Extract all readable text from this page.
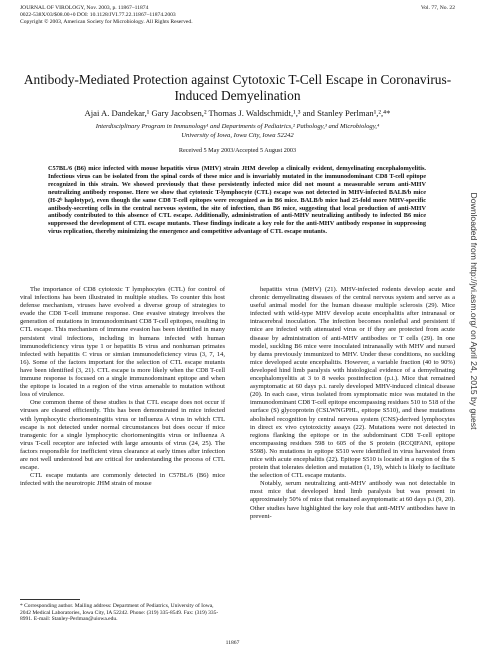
JOURNAL OF VIROLOGY, Nov. 2003, p. 11867–11874	Vol. 77, No. 22
0022-538X/03/$08.00+0 DOI: 10.1128/JVI.77.22.11867–11874.2003
Copyright © 2003, American Society for Microbiology. All Rights Reserved.
Antibody-Mediated Protection against Cytotoxic T-Cell Escape in Coronavirus-Induced Demyelination
Ajai A. Dandekar,¹ Gary Jacobsen,² Thomas J. Waldschmidt,¹,³ and Stanley Perlman¹,²,⁴*
Interdisciplinary Program in Immunology¹ and Departments of Pediatrics,² Pathology,³ and Microbiology,⁴
University of Iowa, Iowa City, Iowa 52242
Received 5 May 2003/Accepted 5 August 2003
C57BL/6 (B6) mice infected with mouse hepatitis virus (MHV) strain JHM develop a clinically evident, demyelinating encephalomyelitis. Infectious virus can be isolated from the spinal cords of these mice and is invariably mutated in the immunodominant CD8 T-cell epitope recognized in this strain. We showed previously that these persistently infected mice did not mount a measurable serum anti-MHV neutralizing antibody response. Here we show that cytotoxic T-lymphocyte (CTL) escape was not detected in MHV-infected BALB/b mice (H-2ᵇ haplotype), even though the same CD8 T-cell epitopes were recognized as in B6 mice. BALB/b mice had 25-fold more MHV-specific antibody-secreting cells in the central nervous system, the site of infection, than B6 mice, suggesting that local production of anti-MHV antibody contributed to this absence of CTL escape. Additionally, administration of anti-MHV neutralizing antibody to infected B6 mice suppressed the development of CTL escape mutants. These findings indicate a key role for the anti-MHV antibody response in suppressing virus replication, thereby minimizing the emergence and competitive advantage of CTL escape mutants.

The importance of CD8 cytotoxic T lymphocytes (CTL) for control of viral infections has been illustrated in multiple studies. To counter this host defense mechanism, viruses have evolved a diverse group of strategies to evade the CD8 T-cell immune response. One evasive strategy involves the generation of mutations in immunodominant CD8 T-cell epitopes, resulting in CTL escape. This mechanism of immune evasion has been identified in many persistent viral infections, including in humans infected with human immunodeficiency virus type 1 or hepatitis B virus and nonhuman primates infected with hepatitis C virus or simian immunodeficiency virus (3, 7, 14, 16). Some of the factors important for the selection of CTL escape mutants have been identified (3, 21). CTL escape is more likely when the CD8 T-cell immune response is focused on a single immunodominant epitope and when the epitope is located in a region of the virus amenable to mutation without loss of virulence.

One common theme of these studies is that CTL escape does not occur if viruses are cleared efficiently. This has been demonstrated in mice infected with lymphocytic choriomeningitis virus or influenza A virus in which CTL escape is not detected under normal circumstances but does occur if mice transgenic for a single lymphocytic choriomeningitis virus or influenza A virus T-cell receptor are infected with large amounts of virus (24, 25). The factors responsible for inefficient virus clearance at early times after infection are not well understood but are critical for understanding the process of CTL escape.

CTL escape mutants are commonly detected in C57BL/6 (B6) mice infected with the neurotropic JHM strain of mouse

hepatitis virus (MHV) (21). MHV-infected rodents develop acute and chronic demyelinating diseases of the central nervous system and serve as a useful animal model for the human disease multiple sclerosis (29). Mice infected with wild-type MHV develop acute encephalitis after intranasal or intracerebral inoculation. The infection becomes nonlethal and persistent if mice are infected with attenuated virus or if they are protected from acute disease by administration of anti-MHV antibodies or T cells (29). In one model, suckling B6 mice were inoculated intranasally with MHV and nursed by dams previously immunized to MHV. Under these conditions, no suckling mice developed acute encephalitis. However, a variable fraction (40 to 90%) developed hind limb paralysis with histological evidence of a demyelinating encephalomyelitis at 3 to 8 weeks postinfection (p.i.). Mice that remained asymptomatic at 60 days p.i. rarely developed MHV-induced clinical disease (20). In each case, virus isolated from symptomatic mice was mutated in the immunodominant CD8 T-cell epitope encompassing residues 510 to 518 of the surface (S) glycoprotein (CSLWNGPHL, epitope S510), and these mutations abolished recognition by central nervous system (CNS)-derived lymphocytes in direct ex vivo cytotoxicity assays (22). Mutations were not detected in regions flanking the epitope or in the subdominant CD8 T-cell epitope encompassing residues 598 to 605 of the S protein (RCQIFANI, epitope S598). No mutations in epitope S510 were identified in virus harvested from mice with acute encephalitis (22). Epitope S510 is located in a region of the S protein that tolerates deletion and mutation (1, 19), which is likely to facilitate the selection of CTL escape mutants.

Notably, serum neutralizing anti-MHV antibody was not detectable in most mice that developed hind limb paralysis but was present in approximately 50% of mice that remained asymptomatic at 60 days p.i (9, 20). Other studies have highlighted the key role that anti-MHV antibodies have in prevent-

* Corresponding author. Mailing address: Department of Pediatrics, University of Iowa, 2042 Medical Laboratories, Iowa City, IA 52242. Phone: (319) 335-8549. Fax: (319) 335-8991. E-mail: Stanley-Perlman@uiowa.edu.
11867
Downloaded from http://jvi.asm.org/ on April 24, 2015 by guest
